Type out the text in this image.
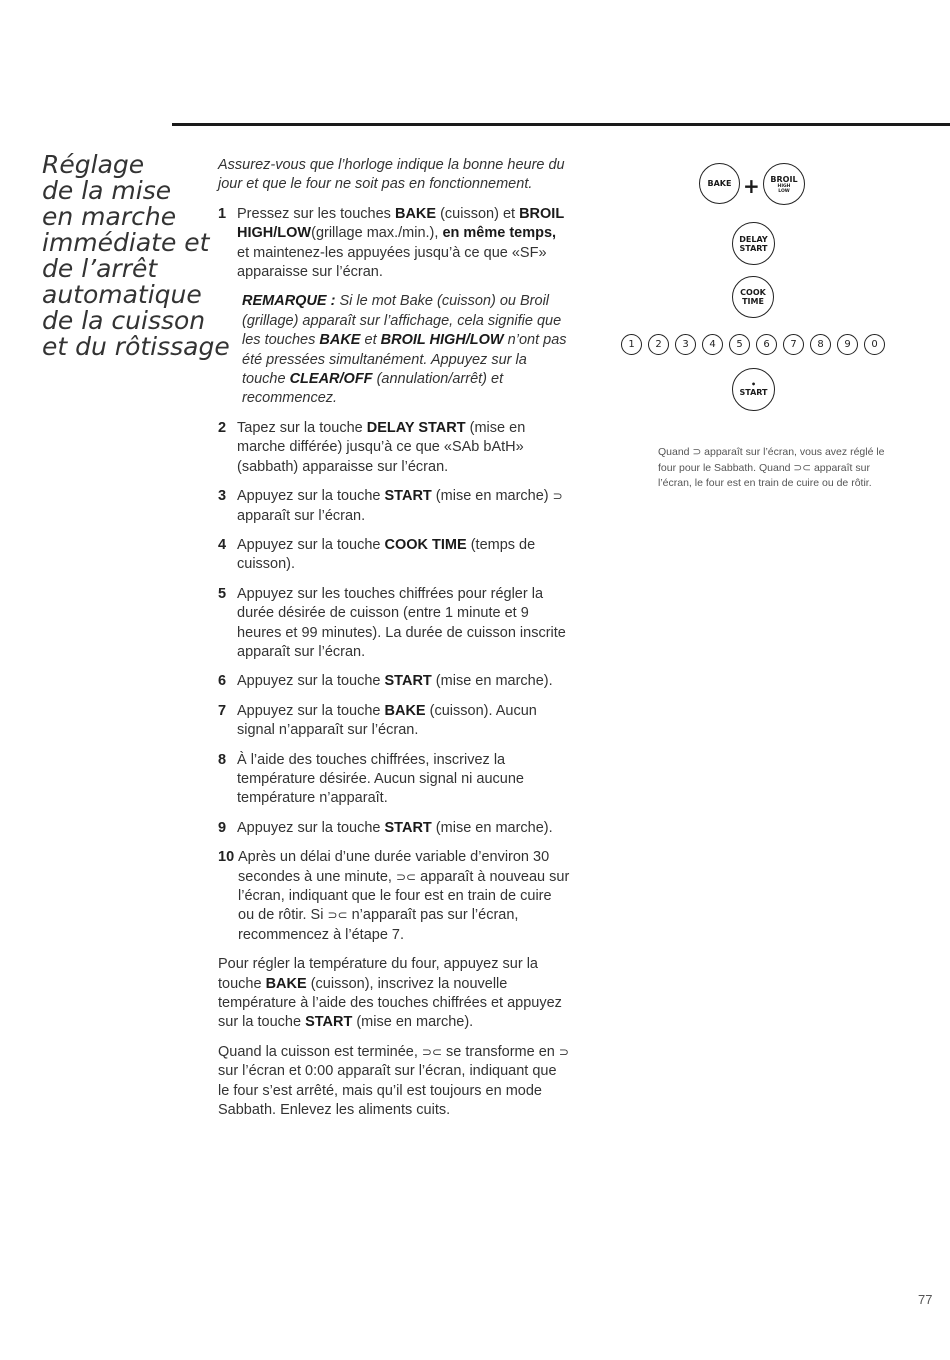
Réglage
de la mise
en marche
immédiate et
de l’arrêt
automatique
de la cuisson
et du rôtissage

Assurez-vous que l’horloge indique la bonne heure du jour et que le four ne soit pas en fonctionnement.

1 Pressez sur les touches BAKE (cuisson) et BROIL HIGH/LOW(grillage max./min.), en même temps, et maintenez-les appuyées jusqu’à ce que «SF» apparaisse sur l’écran.

REMARQUE : Si le mot Bake (cuisson) ou Broil (grillage) apparaît sur l’affichage, cela signifie que les touches BAKE et BROIL HIGH/LOW n’ont pas été pressées simultanément. Appuyez sur la touche CLEAR/OFF (annulation/arrêt) et recommencez.

2 Tapez sur la touche DELAY START (mise en marche différée) jusqu’à ce que «SAb bAtH» (sabbath) apparaisse sur l’écran.
3 Appuyez sur la touche START (mise en marche) ⊃ apparaît sur l’écran.
4 Appuyez sur la touche COOK TIME (temps de cuisson).
5 Appuyez sur les touches chiffrées pour régler la durée désirée de cuisson (entre 1 minute et 9 heures et 99 minutes). La durée de cuisson inscrite apparaît sur l’écran.
6 Appuyez sur la touche START (mise en marche).
7 Appuyez sur la touche BAKE (cuisson). Aucun signal n’apparaît sur l’écran.
8 À l’aide des touches chiffrées, inscrivez la température désirée. Aucun signal ni aucune température n’apparaît.
9 Appuyez sur la touche START (mise en marche).
10 Après un délai d’une durée variable d’environ 30 secondes à une minute, ⊃⊂ apparaît à nouveau sur l’écran, indiquant que le four est en train de cuire ou de rôtir. Si ⊃⊂ n’apparaît pas sur l’écran, recommencez à l’étape 7.

Pour régler la température du four, appuyez sur la touche BAKE (cuisson), inscrivez la nouvelle température à l’aide des touches chiffrées et appuyez sur la touche START (mise en marche).

Quand la cuisson est terminée, ⊃⊂ se transforme en ⊃ sur l’écran et 0:00 apparaît sur l’écran, indiquant que le four s’est arrêté, mais qu’il est toujours en mode Sabbath. Enlevez les aliments cuits.

BAKE + BROIL
HIGH
LOW
DELAY
START
COOK
TIME
1	2	3	4	5	6	7	8	9	0
•
START

Quand ⊃ apparaît sur l’écran, vous avez réglé le four pour le Sabbath. Quand ⊃⊂ apparaît sur l’écran, le four est en train de cuire ou de rôtir.

77
